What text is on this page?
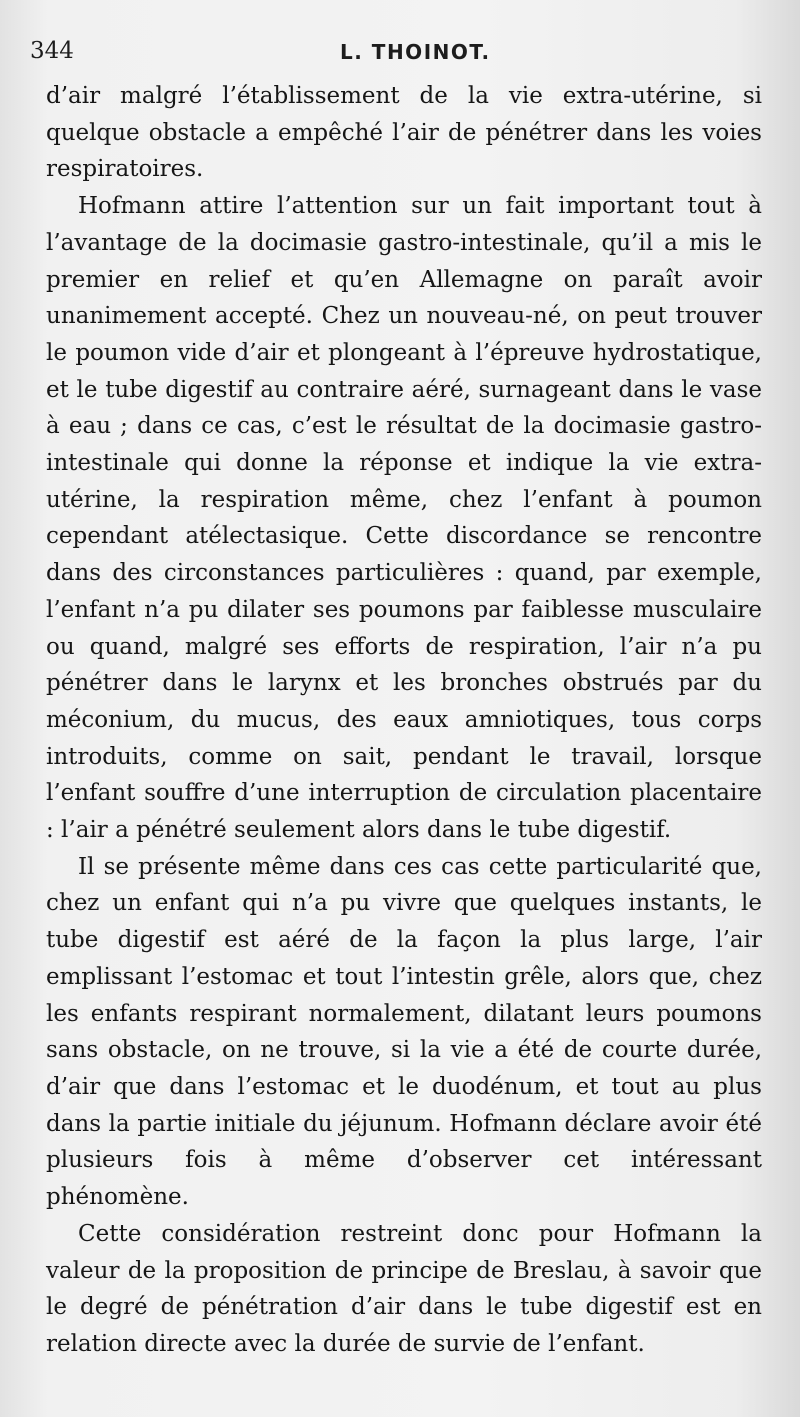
344	L. THOINOT.

d’air malgré l’établissement de la vie extra-utérine, si quelque obstacle a empêché l’air de pénétrer dans les voies respiratoires.

Hofmann attire l’attention sur un fait important tout à l’avantage de la docimasie gastro-intestinale, qu’il a mis le premier en relief et qu’en Allemagne on paraît avoir unanimement accepté. Chez un nouveau-né, on peut trouver le poumon vide d’air et plongeant à l’épreuve hydrostatique, et le tube digestif au contraire aéré, surnageant dans le vase à eau ; dans ce cas, c’est le résultat de la docimasie gastro-intestinale qui donne la réponse et indique la vie extra-utérine, la respiration même, chez l’enfant à poumon cependant atélectasique. Cette discordance se rencontre dans des circonstances particulières : quand, par exemple, l’enfant n’a pu dilater ses poumons par faiblesse musculaire ou quand, malgré ses efforts de respiration, l’air n’a pu pénétrer dans le larynx et les bronches obstrués par du méconium, du mucus, des eaux amniotiques, tous corps introduits, comme on sait, pendant le travail, lorsque l’enfant souffre d’une interruption de circulation placentaire : l’air a pénétré seulement alors dans le tube digestif.

Il se présente même dans ces cas cette particularité que, chez un enfant qui n’a pu vivre que quelques instants, le tube digestif est aéré de la façon la plus large, l’air emplissant l’estomac et tout l’intestin grêle, alors que, chez les enfants respirant normalement, dilatant leurs poumons sans obstacle, on ne trouve, si la vie a été de courte durée, d’air que dans l’estomac et le duodénum, et tout au plus dans la partie initiale du jéjunum. Hofmann déclare avoir été plusieurs fois à même d’observer cet intéressant phénomène.

Cette considération restreint donc pour Hofmann la valeur de la proposition de principe de Breslau, à savoir que le degré de pénétration d’air dans le tube digestif est en relation directe avec la durée de survie de l’enfant.
